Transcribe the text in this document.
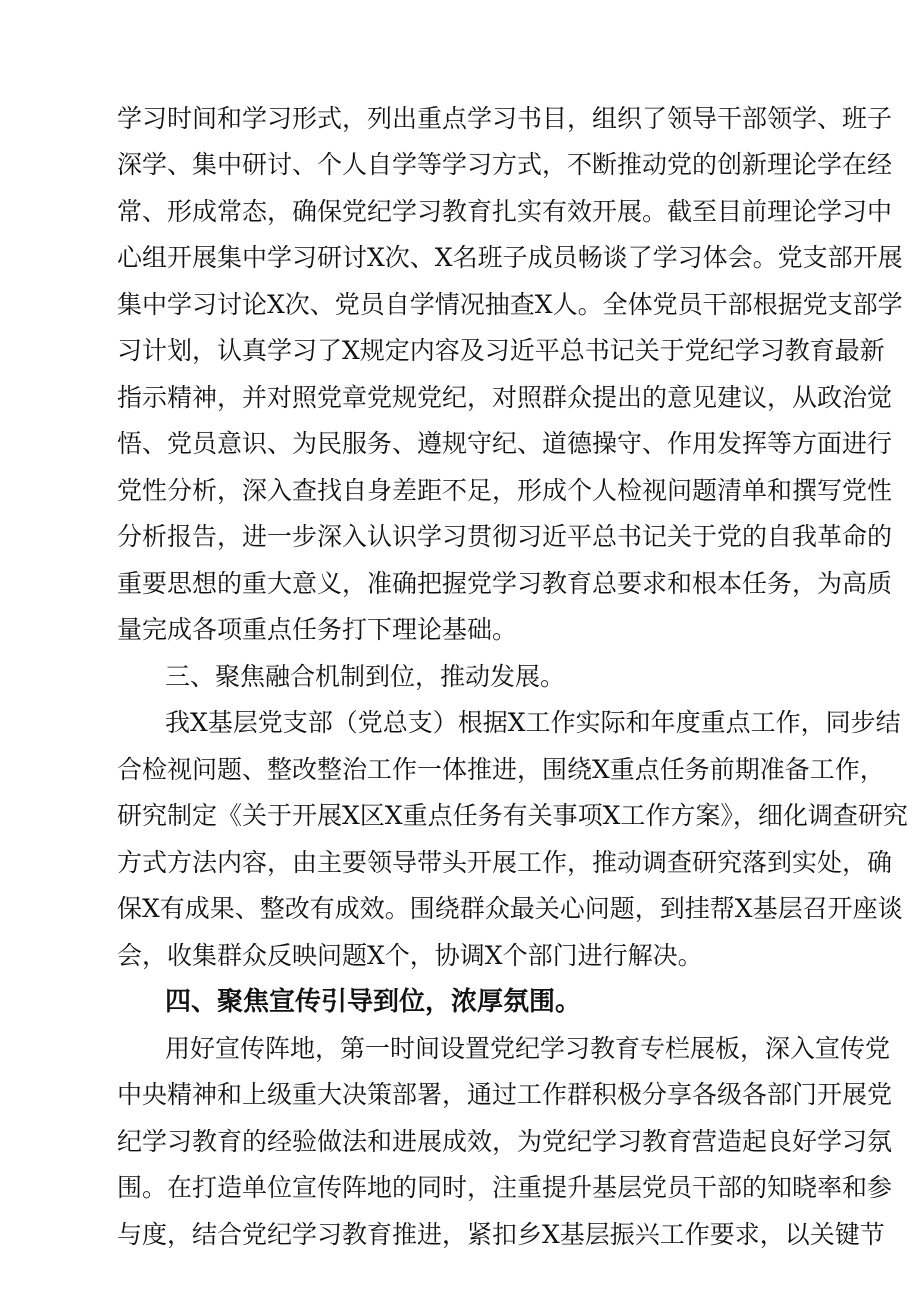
学习时间和学习形式，列出重点学习书目，组织了领导干部领学、班子
深学、集中研讨、个人自学等学习方式，不断推动党的创新理论学在经
常、形成常态，确保党纪学习教育扎实有效开展。截至目前理论学习中
心组开展集中学习研讨X次、X名班子成员畅谈了学习体会。党支部开展
集中学习讨论X次、党员自学情况抽查X人。全体党员干部根据党支部学
习计划，认真学习了X规定内容及习近平总书记关于党纪学习教育最新
指示精神，并对照党章党规党纪，对照群众提出的意见建议，从政治觉
悟、党员意识、为民服务、遵规守纪、道德操守、作用发挥等方面进行
党性分析，深入查找自身差距不足，形成个人检视问题清单和撰写党性
分析报告，进一步深入认识学习贯彻习近平总书记关于党的自我革命的
重要思想的重大意义，准确把握党学习教育总要求和根本任务，为高质
量完成各项重点任务打下理论基础。
三、聚焦融合机制到位，推动发展。
我X基层党支部（党总支）根据X工作实际和年度重点工作，同步结
合检视问题、整改整治工作一体推进，围绕X重点任务前期准备工作，
研究制定《关于开展X区X重点任务有关事项X工作方案》，细化调查研究
方式方法内容，由主要领导带头开展工作，推动调查研究落到实处，确
保X有成果、整改有成效。围绕群众最关心问题，到挂帮X基层召开座谈
会，收集群众反映问题X个，协调X个部门进行解决。
四、聚焦宣传引导到位，浓厚氛围。
用好宣传阵地，第一时间设置党纪学习教育专栏展板，深入宣传党
中央精神和上级重大决策部署，通过工作群积极分享各级各部门开展党
纪学习教育的经验做法和进展成效，为党纪学习教育营造起良好学习氛
围。在打造单位宣传阵地的同时，注重提升基层党员干部的知晓率和参
与度，结合党纪学习教育推进，紧扣乡X基层振兴工作要求，以关键节
